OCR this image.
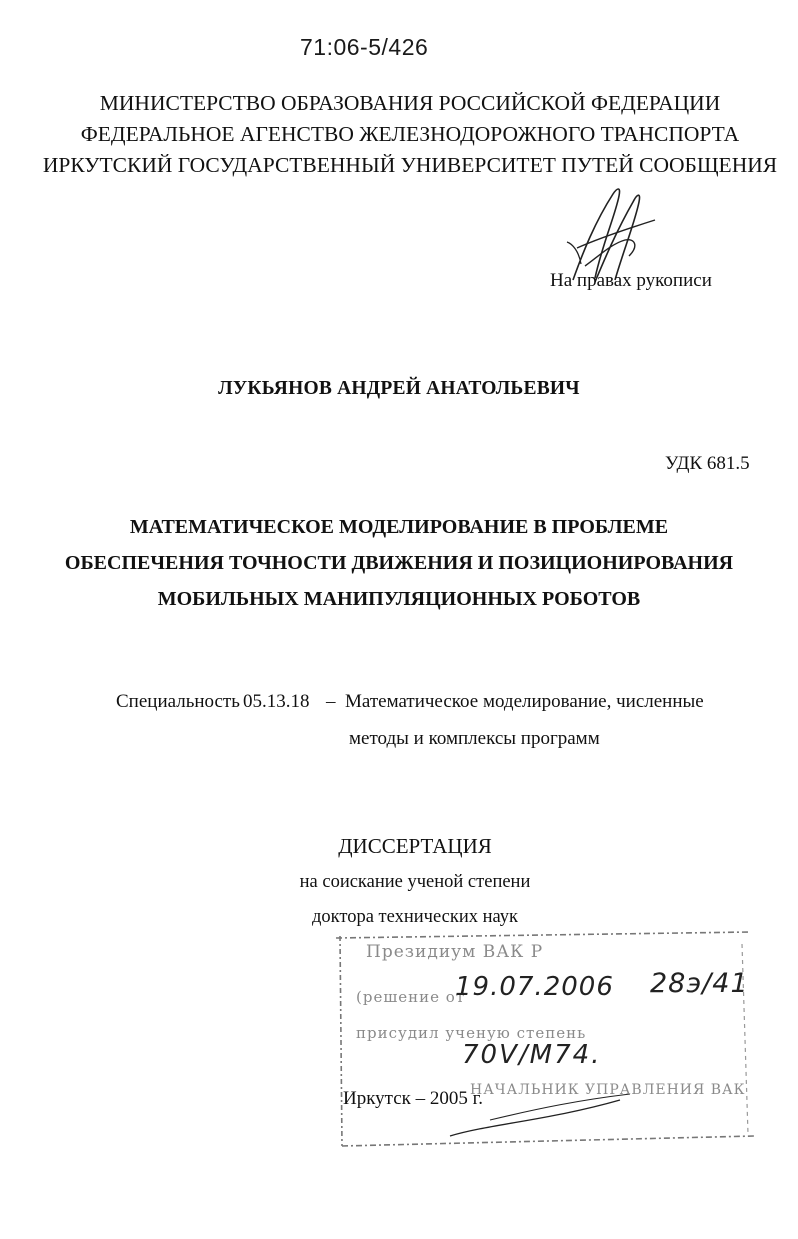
71:06-5/426
МИНИСТЕРСТВО ОБРАЗОВАНИЯ РОССИЙСКОЙ ФЕДЕРАЦИИ
ФЕДЕРАЛЬНОЕ АГЕНСТВО ЖЕЛЕЗНОДОРОЖНОГО ТРАНСПОРТА
ИРКУТСКИЙ ГОСУДАРСТВЕННЫЙ УНИВЕРСИТЕТ ПУТЕЙ СООБЩЕНИЯ
На правах рукописи
ЛУКЬЯНОВ АНДРЕЙ АНАТОЛЬЕВИЧ
УДК 681.5
МАТЕМАТИЧЕСКОЕ МОДЕЛИРОВАНИЕ В ПРОБЛЕМЕ
ОБЕСПЕЧЕНИЯ ТОЧНОСТИ ДВИЖЕНИЯ И ПОЗИЦИОНИРОВАНИЯ
МОБИЛЬНЫХ МАНИПУЛЯЦИОННЫХ РОБОТОВ
Специальность 05.13.18 – Математическое моделирование, численные
методы и комплексы программ
ДИССЕРТАЦИЯ
на соискание ученой степени
доктора технических наук
Президиум ВАК Р
(решение от
присудил ученую степень
НАЧАЛЬНИК УПРАВЛЕНИЯ ВАК
19.07.2006 28э/41
70V/M74.
Иркутск – 2005 г.
